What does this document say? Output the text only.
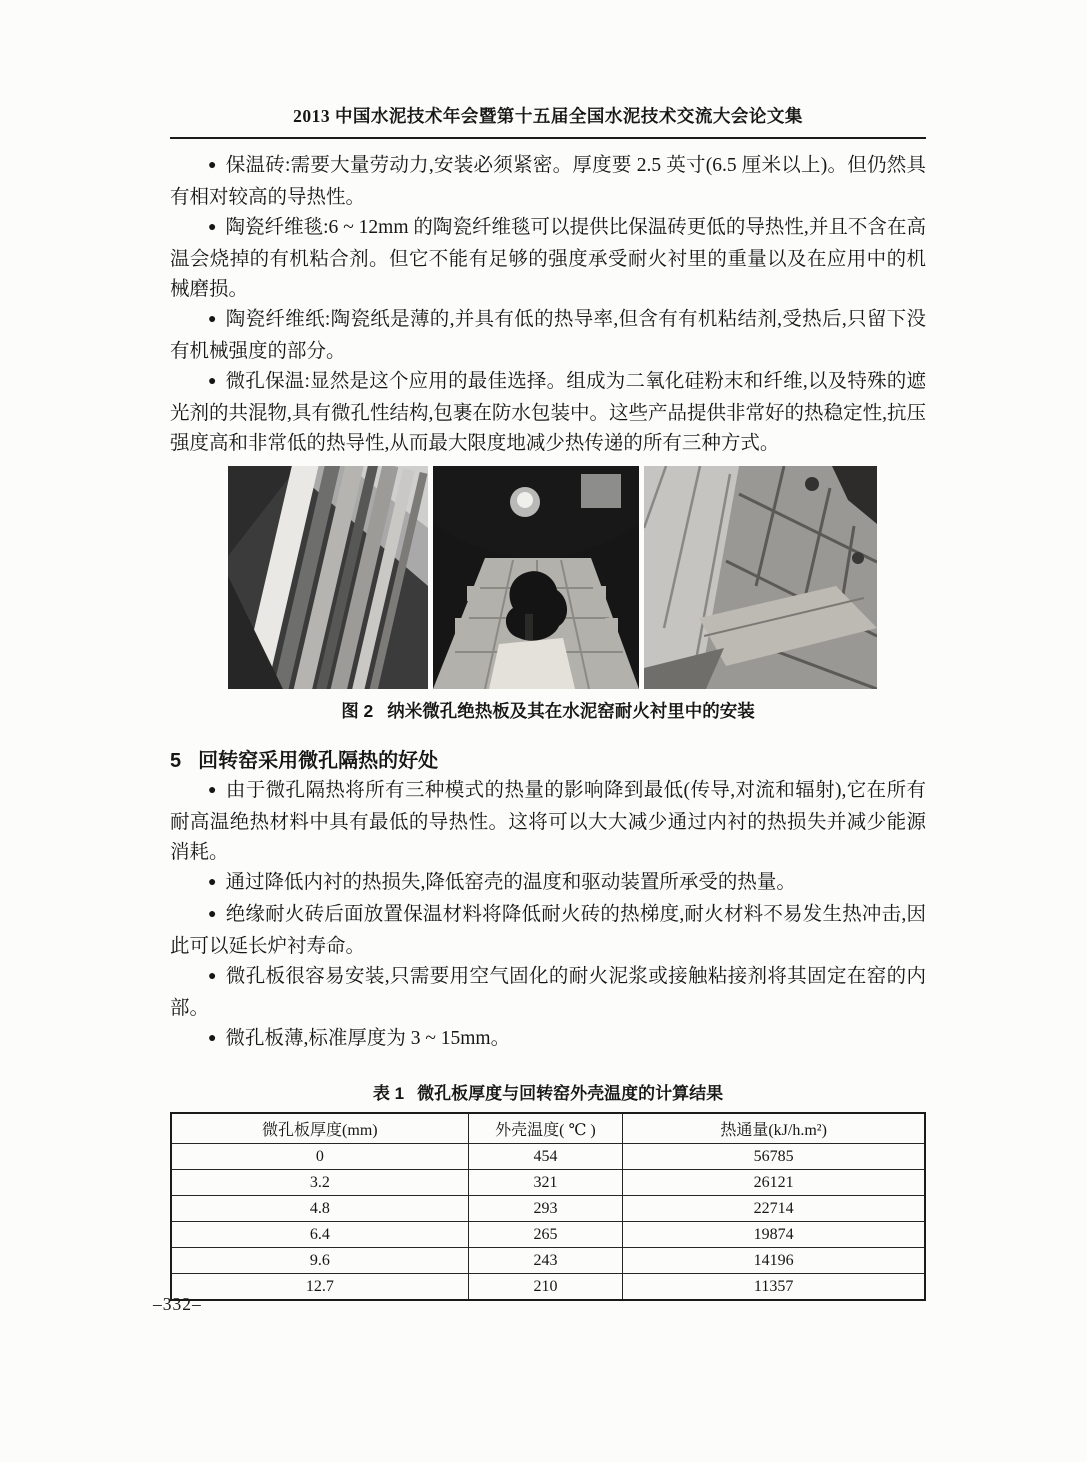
2013 中国水泥技术年会暨第十五届全国水泥技术交流大会论文集

● 保温砖:需要大量劳动力,安装必须紧密。厚度要 2.5 英寸(6.5 厘米以上)。但仍然具有相对较高的导热性。

● 陶瓷纤维毯:6 ~ 12mm 的陶瓷纤维毯可以提供比保温砖更低的导热性,并且不含在高温会烧掉的有机粘合剂。但它不能有足够的强度承受耐火衬里的重量以及在应用中的机械磨损。

● 陶瓷纤维纸:陶瓷纸是薄的,并具有低的热导率,但含有有机粘结剂,受热后,只留下没有机械强度的部分。

● 微孔保温:显然是这个应用的最佳选择。组成为二氧化硅粉末和纤维,以及特殊的遮光剂的共混物,具有微孔性结构,包裹在防水包装中。这些产品提供非常好的热稳定性,抗压强度高和非常低的热导性,从而最大限度地减少热传递的所有三种方式。

图 2 纳米微孔绝热板及其在水泥窑耐火衬里中的安装
5 回转窑采用微孔隔热的好处

● 由于微孔隔热将所有三种模式的热量的影响降到最低(传导,对流和辐射),它在所有耐高温绝热材料中具有最低的导热性。这将可以大大减少通过内衬的热损失并减少能源消耗。

● 通过降低内衬的热损失,降低窑壳的温度和驱动装置所承受的热量。

● 绝缘耐火砖后面放置保温材料将降低耐火砖的热梯度,耐火材料不易发生热冲击,因此可以延长炉衬寿命。

● 微孔板很容易安装,只需要用空气固化的耐火泥浆或接触粘接剂将其固定在窑的内部。

● 微孔板薄,标准厚度为 3 ~ 15mm。

表 1 微孔板厚度与回转窑外壳温度的计算结果
微孔板厚度(mm)	外壳温度( ℃ )	热通量(kJ/h.m²)
0	454	56785
3.2	321	26121
4.8	293	22714
6.4	265	19874
9.6	243	14196
12.7	210	11357
–332–
